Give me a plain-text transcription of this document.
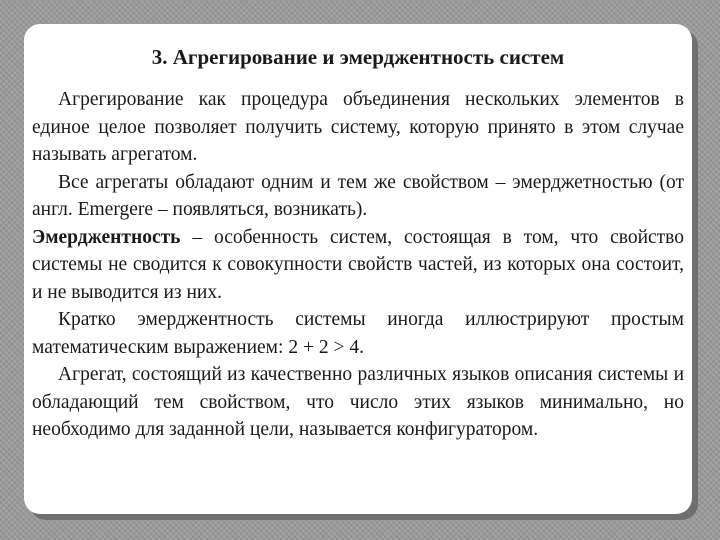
3. Агрегирование и эмерджентность систем

Агрегирование как процедура объединения нескольких элементов в единое целое позволяет получить систему, которую принято в этом случае называть агрегатом.

Все агрегаты обладают одним и тем же свойством – эмерджетностью (от англ. Emergere – появляться, возникать).

Эмерджентность – особенность систем, состоящая в том, что свойство системы не сводится к совокупности свойств частей, из которых она состоит, и не выводится из них.

Кратко эмерджентность системы иногда иллюстрируют простым математическим выражением: 2 + 2 > 4.

Агрегат, состоящий из качественно различных языков описания системы и обладающий тем свойством, что число этих языков минимально, но необходимо для заданной цели, называется конфигуратором.
